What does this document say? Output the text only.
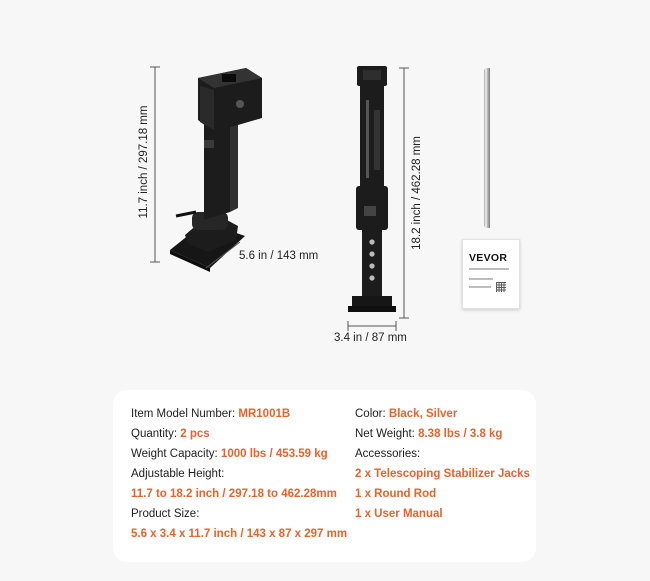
11.7 inch / 297.18 mm
5.6 in / 143 mm
18.2 inch / 462.28 mm
3.4 in / 87 mm
VEVOR
Item Model Number: MR1001B
Quantity: 2 pcs
Weight Capacity: 1000 lbs / 453.59 kg
Adjustable Height:
11.7 to 18.2 inch / 297.18 to 462.28mm
Product Size:
5.6 x 3.4 x 11.7 inch / 143 x 87 x 297 mm
Color: Black, Silver
Net Weight: 8.38 lbs / 3.8 kg
Accessories:
2 x Telescoping Stabilizer Jacks
1 x Round Rod
1 x User Manual
